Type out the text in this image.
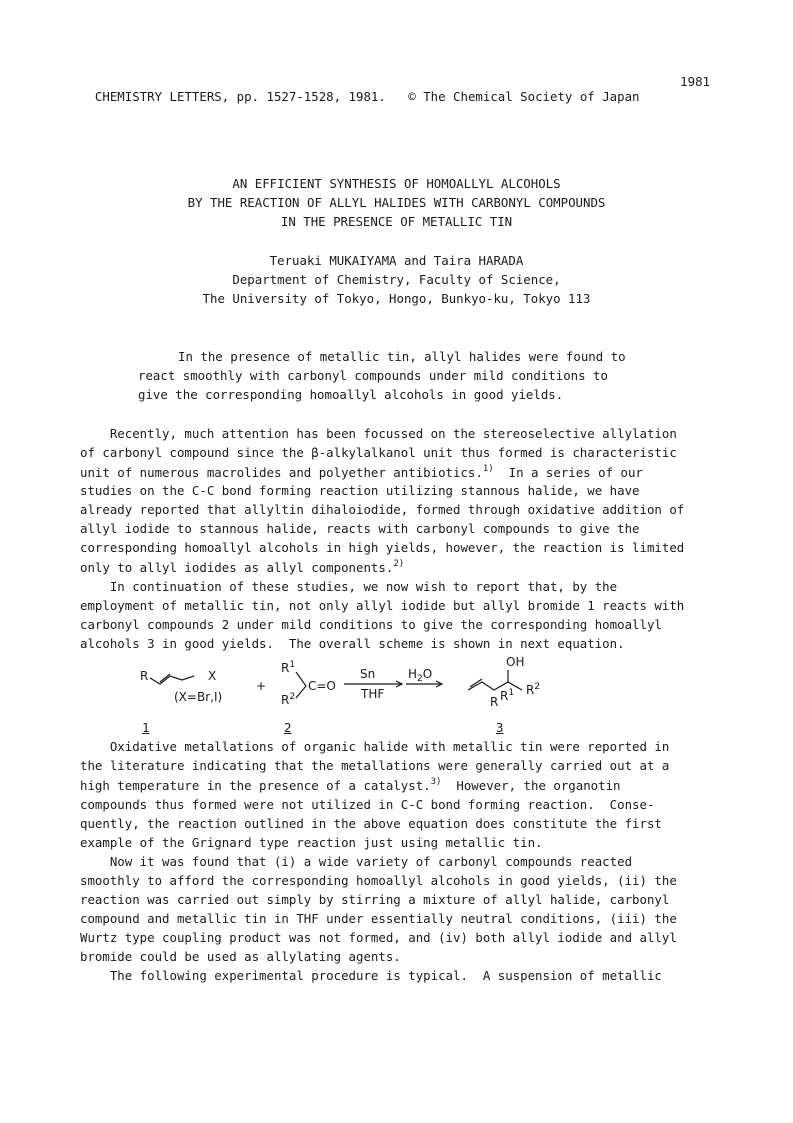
CHEMISTRY LETTERS, pp. 1527-1528, 1981. © The Chemical Society of Japan

1981

AN EFFICIENT SYNTHESIS OF HOMOALLYL ALCOHOLS
BY THE REACTION OF ALLYL HALIDES WITH CARBONYL COMPOUNDS
IN THE PRESENCE OF METALLIC TIN
Teruaki MUKAIYAMA and Taira HARADA
Department of Chemistry, Faculty of Science,
The University of Tokyo, Hongo, Bunkyo-ku, Tokyo 113
In the presence of metallic tin, allyl halides were found to
react smoothly with carbonyl compounds under mild conditions to
give the corresponding homoallyl alcohols in good yields.
Recently, much attention has been focussed on the stereoselective allylation
of carbonyl compound since the β-alkylalkanol unit thus formed is characteristic
unit of numerous macrolides and polyether antibiotics.$^{1)}$  In a series of our
studies on the C-C bond forming reaction utilizing stannous halide, we have
already reported that allyltin dihaloiodide, formed through oxidative addition of
allyl iodide to stannous halide, reacts with carbonyl compounds to give the
corresponding homoallyl alcohols in high yields, however, the reaction is limited
only to allyl iodides as allyl components.$^{2)}$
In continuation of these studies, we now wish to report that, by the
employment of metallic tin, not only allyl iodide but allyl bromide 1 reacts with
carbonyl compounds 2 under mild conditions to give the corresponding homoallyl
alcohols 3 in good yields.  The overall scheme is shown in next equation.
R	X
(X=Br,I)
+
$R^1$
$R^2$
C=O
Sn
THF
$H_2O$
OH
R $R^1$ $R^2$
1	2	3
Oxidative metallations of organic halide with metallic tin were reported in
the literature indicating that the metallations were generally carried out at a
high temperature in the presence of a catalyst.$^{3)}$  However, the organotin
compounds thus formed were not utilized in C-C bond forming reaction.  Conse-
quently, the reaction outlined in the above equation does constitute the first
example of the Grignard type reaction just using metallic tin.
Now it was found that (i) a wide variety of carbonyl compounds reacted
smoothly to afford the corresponding homoallyl alcohols in good yields, (ii) the
reaction was carried out simply by stirring a mixture of allyl halide, carbonyl
compound and metallic tin in THF under essentially neutral conditions, (iii) the
Wurtz type coupling product was not formed, and (iv) both allyl iodide and allyl
bromide could be used as allylating agents.
The following experimental procedure is typical.  A suspension of metallic
